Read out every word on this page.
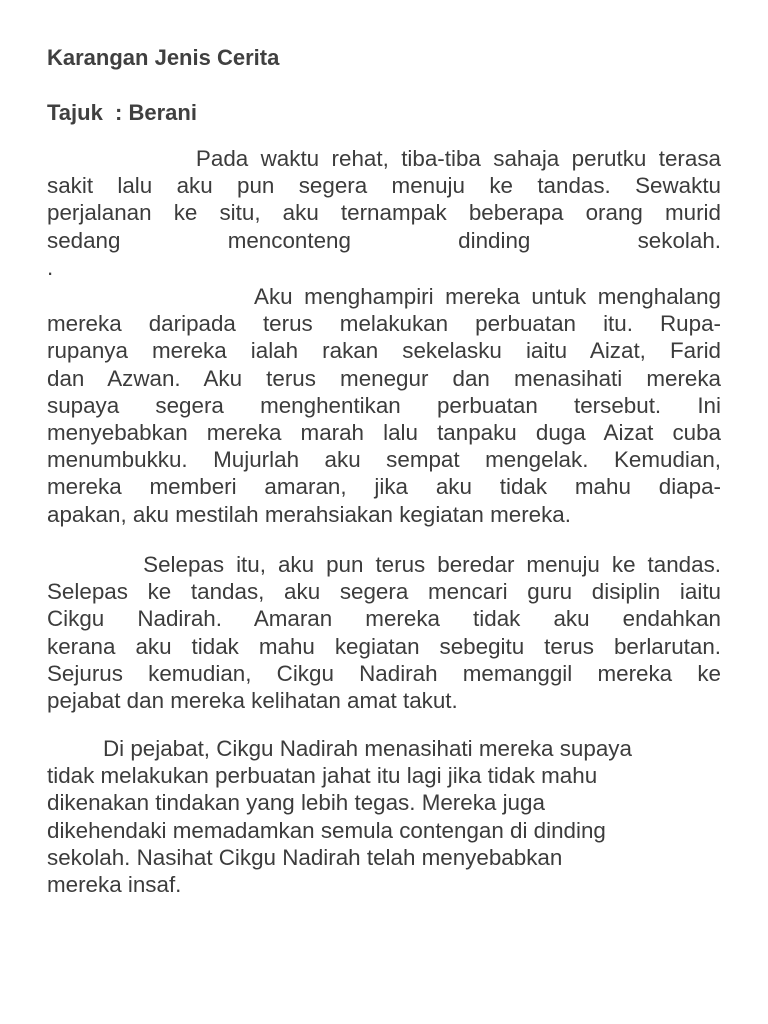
Karangan Jenis Cerita
Tajuk  : Berani
Pada waktu rehat, tiba-tiba sahaja perutku terasa
sakit lalu aku pun segera menuju ke tandas. Sewaktu
perjalanan ke situ, aku ternampak beberapa orang murid
sedang menconteng dinding sekolah.
.
Aku menghampiri mereka untuk menghalang
mereka daripada terus melakukan perbuatan itu. Rupa-
rupanya mereka ialah rakan sekelasku iaitu Aizat, Farid
dan Azwan. Aku terus menegur dan menasihati mereka
supaya segera menghentikan perbuatan tersebut. Ini
menyebabkan mereka marah lalu tanpaku duga Aizat cuba
menumbukku. Mujurlah aku sempat mengelak. Kemudian,
mereka memberi amaran, jika aku tidak mahu diapa-
apakan, aku mestilah merahsiakan kegiatan mereka.
Selepas itu, aku pun terus beredar menuju ke tandas.
Selepas ke tandas, aku segera mencari guru disiplin iaitu
Cikgu Nadirah. Amaran mereka tidak aku endahkan
kerana aku tidak mahu kegiatan sebegitu terus berlarutan.
Sejurus kemudian, Cikgu Nadirah memanggil mereka ke
pejabat dan mereka kelihatan amat takut.
Di pejabat, Cikgu Nadirah menasihati mereka supaya
tidak melakukan perbuatan jahat itu lagi jika tidak mahu
dikenakan tindakan yang lebih tegas. Mereka juga
dikehendaki memadamkan semula contengan di dinding
sekolah. Nasihat Cikgu Nadirah telah menyebabkan
mereka insaf.
